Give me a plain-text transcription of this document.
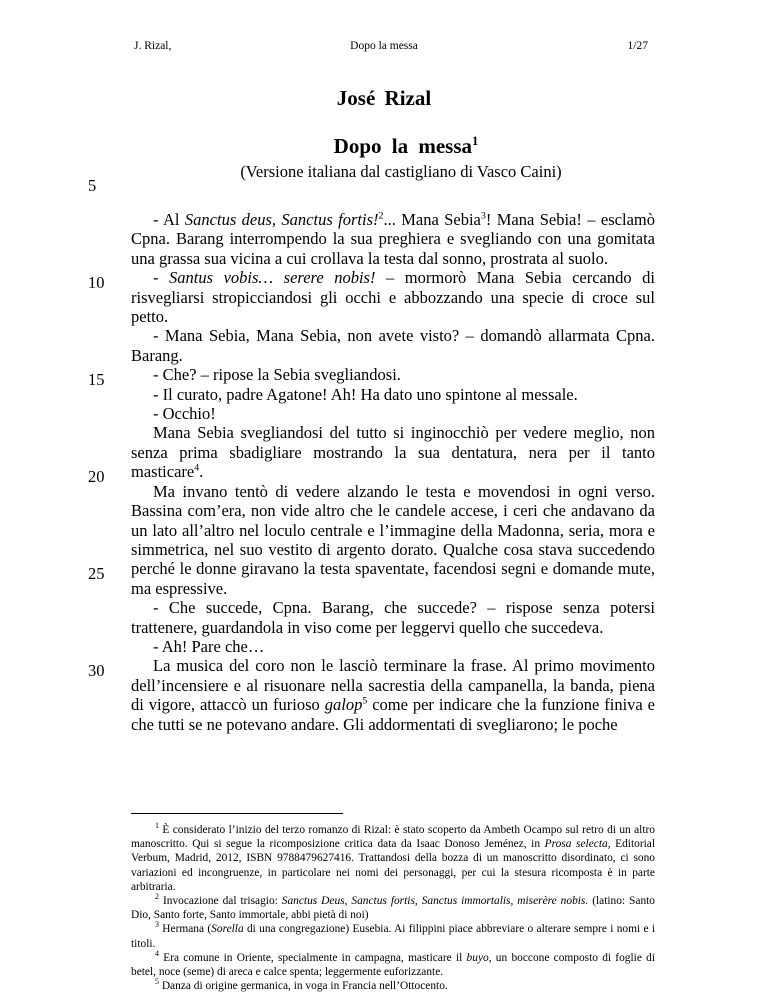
J. Rizal,	Dopo la messa	1/27
José Rizal
Dopo la messa$^1$
(Versione italiana dal castigliano di Vasco Caini)
5
10
15
20
25
30

- Al Sanctus deus, Sanctus fortis!$^2$... Mana Sebia$^3$! Mana Sebia! – esclamò Cpna. Barang interrompendo la sua preghiera e svegliando con una gomitata una grassa sua vicina a cui crollava la testa dal sonno, prostrata al suolo.

- Santus vobis… serere nobis! – mormorò Mana Sebia cercando di risvegliarsi stropicciandosi gli occhi e abbozzando una specie di croce sul petto.

- Mana Sebia, Mana Sebia, non avete visto? – domandò allarmata Cpna. Barang.

- Che? – ripose la Sebia svegliandosi.

- Il curato, padre Agatone! Ah! Ha dato uno spintone al messale.

- Occhio!

Mana Sebia svegliandosi del tutto si inginocchiò per vedere meglio, non senza prima sbadigliare mostrando la sua dentatura, nera per il tanto masticare$^4$.

Ma invano tentò di vedere alzando le testa e movendosi in ogni verso. Bassina com’era, non vide altro che le candele accese, i ceri che andavano da un lato all’altro nel loculo centrale e l’immagine della Madonna, seria, mora e simmetrica, nel suo vestito di argento dorato. Qualche cosa stava succedendo perché le donne giravano la testa spaventate, facendosi segni e domande mute, ma espressive.

- Che succede, Cpna. Barang, che succede? – rispose senza potersi trattenere, guardandola in viso come per leggervi quello che succedeva.

- Ah! Pare che…

La musica del coro non le lasciò terminare la frase. Al primo movimento dell’incensiere e al risuonare nella sacrestia della campanella, la banda, piena di vigore, attaccò un furioso galop$^5$ come per indicare che la funzione finiva e che tutti se ne potevano andare. Gli addormentati di svegliarono; le poche

$^1$ È considerato l’inizio del terzo romanzo di Rizal: è stato scoperto da Ambeth Ocampo sul retro di un altro manoscritto. Qui si segue la ricomposizione critica data da Isaac Donoso Jeménez, in Prosa selecta, Editorial Verbum, Madrid, 2012, ISBN 9788479627416. Trattandosi della bozza di un manoscritto disordinato, ci sono variazioni ed incongruenze, in particolare nei nomi dei personaggi, per cui la stesura ricomposta è in parte arbitraria.

$^2$ Invocazione dal trisagio: Sanctus Deus, Sanctus fortis, Sanctus immortalis, miserère nobis. (latino: Santo Dio, Santo forte, Santo immortale, abbi pietà di noi)

$^3$ Hermana (Sorella di una congregazione) Eusebia. Ai filippini piace abbreviare o alterare sempre i nomi e i titoli.

$^4$ Era comune in Oriente, specialmente in campagna, masticare il buyo, un boccone composto di foglie di betel, noce (seme) di areca e calce spenta; leggermente euforizzante.

$^5$ Danza di origine germanica, in voga in Francia nell’Ottocento.
